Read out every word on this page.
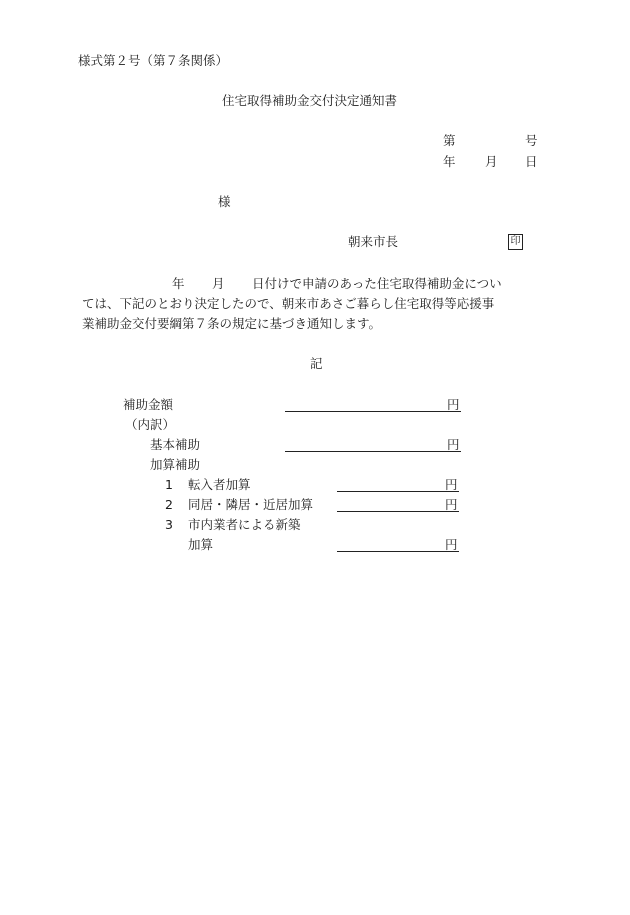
様式第２号（第７条関係）
住宅取得補助金交付決定通知書
第	号
年 月 日
様
朝来市長	印
年 月 日付けで申請のあった住宅取得補助金につい
ては、下記のとおり決定したので、朝来市あさご暮らし住宅取得等応援事
業補助金交付要綱第７条の規定に基づき通知します。
記
補助金額	円
（内訳）
基本補助	円
加算補助
1 転入者加算	円
2 同居・隣居・近居加算	円
3 市内業者による新築
加算	円
